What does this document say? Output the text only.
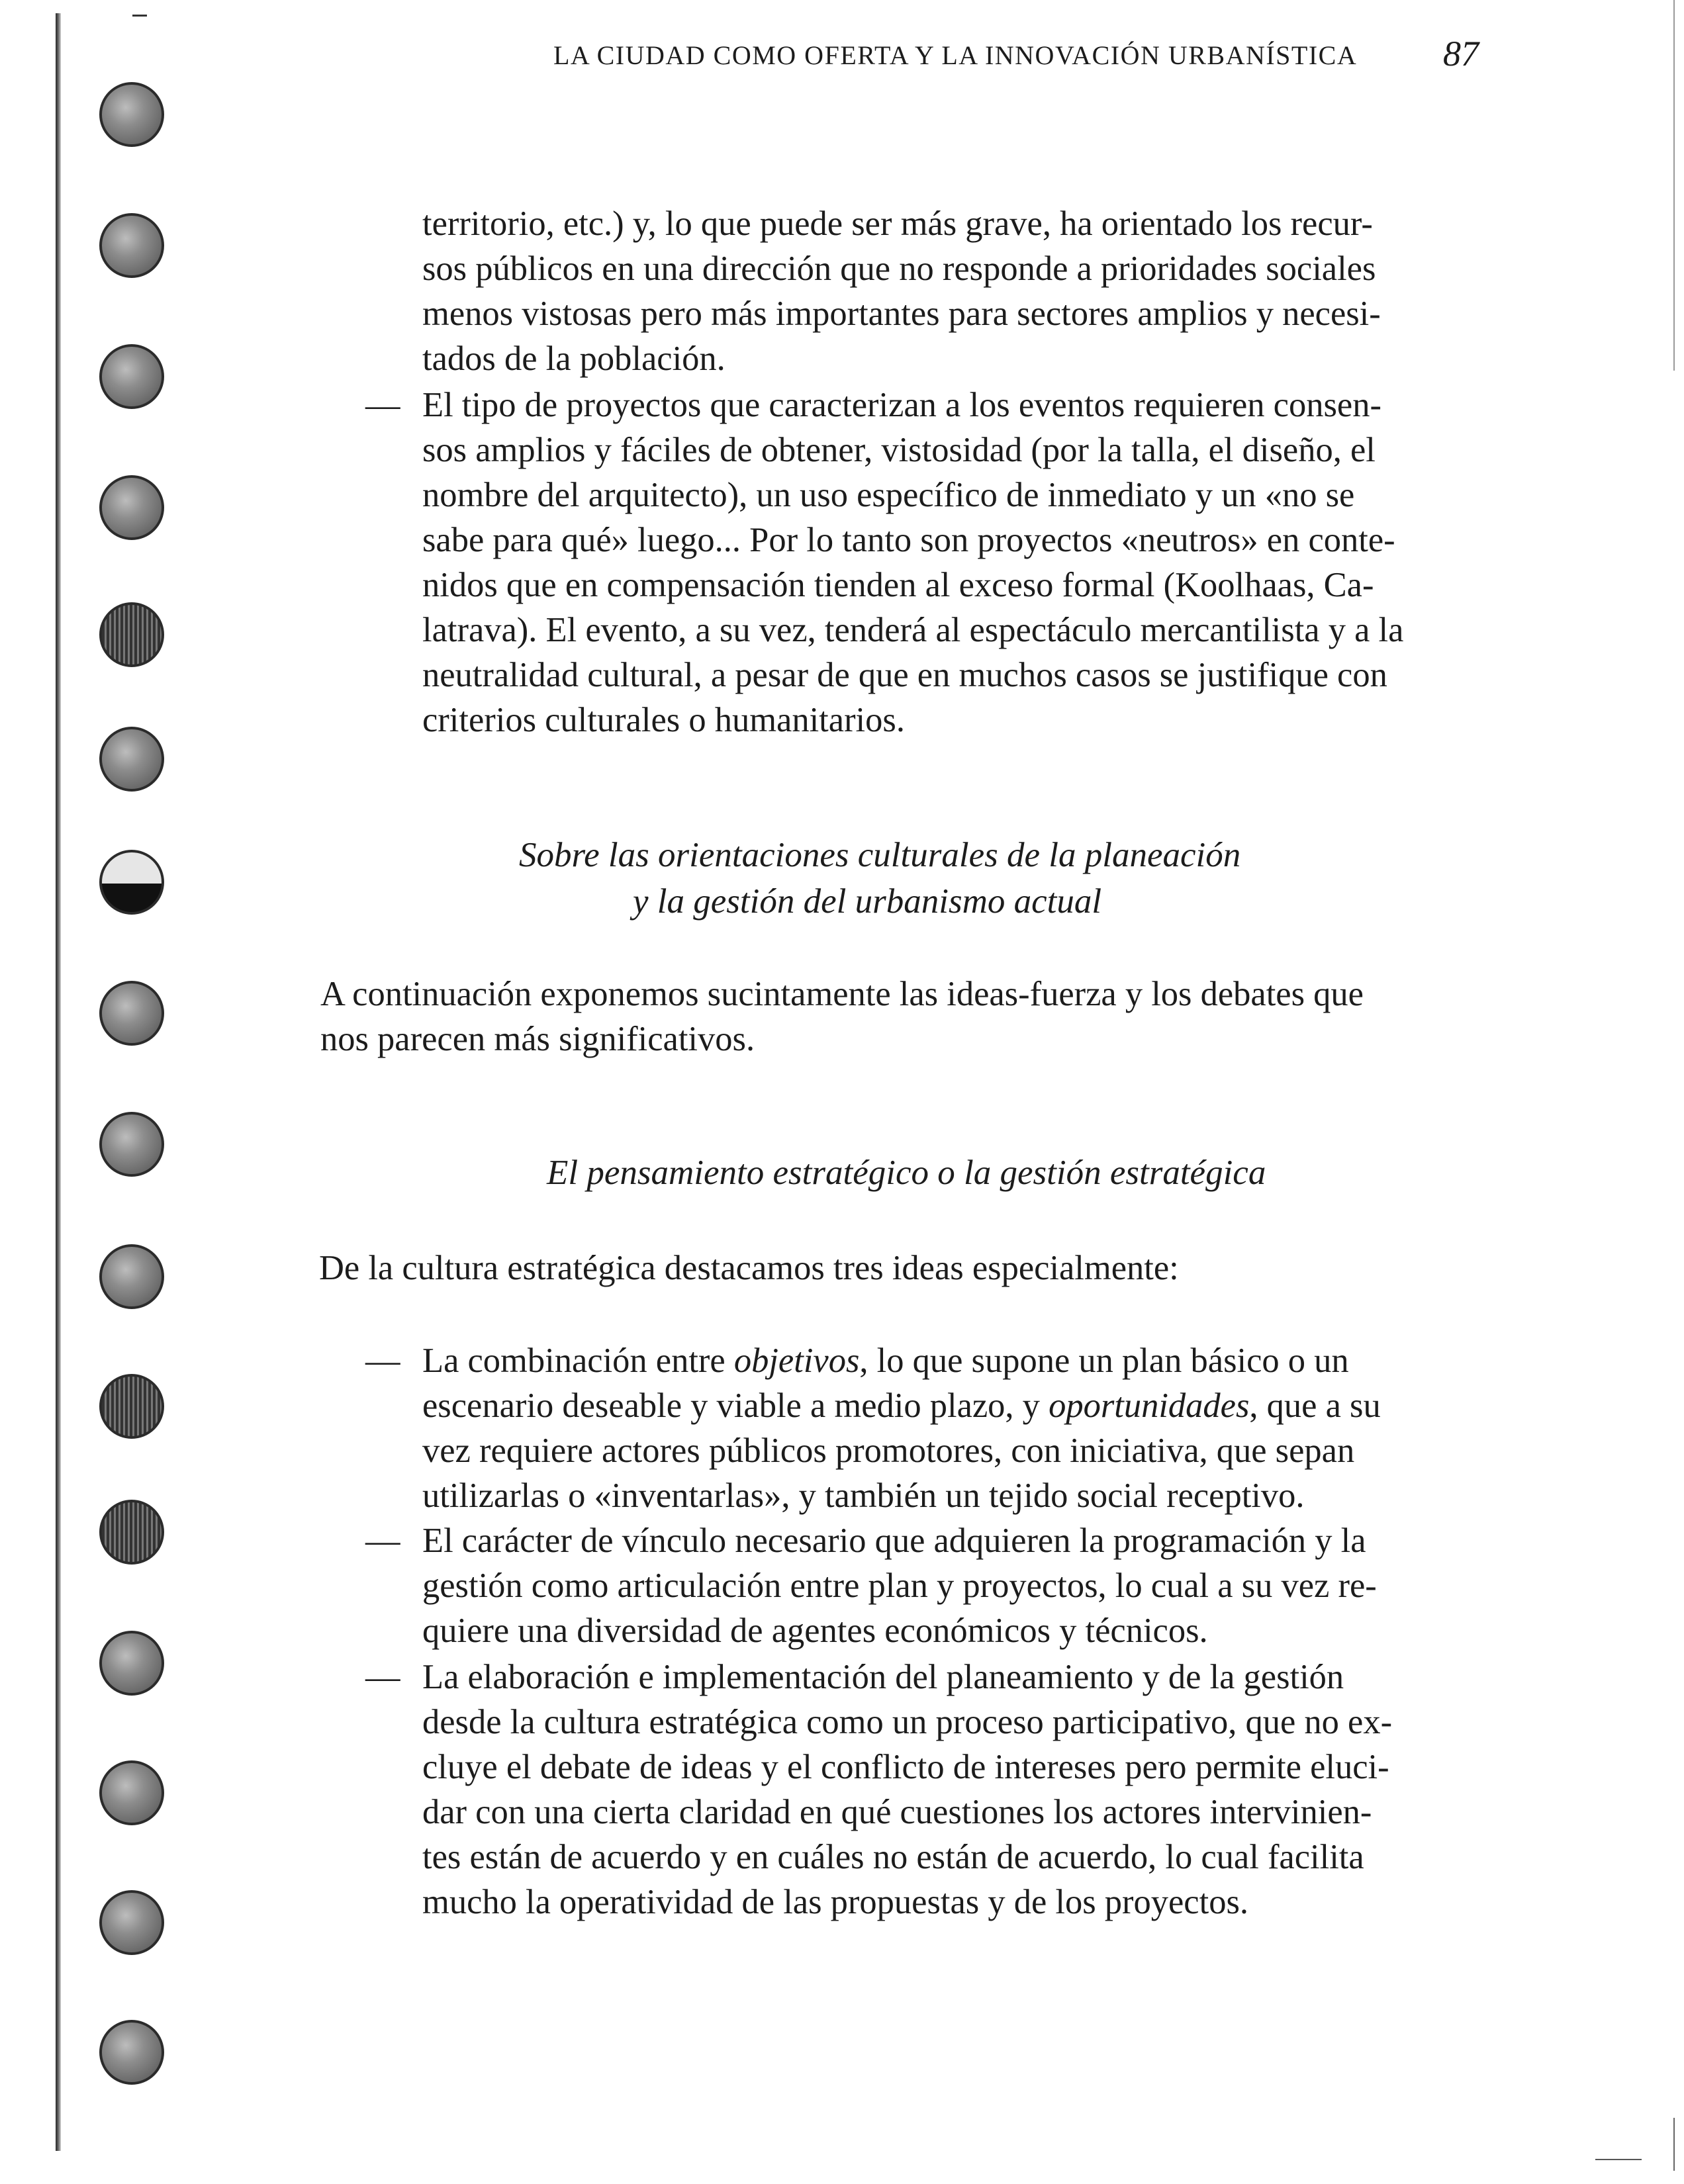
LA CIUDAD COMO OFERTA Y LA INNOVACIÓN URBANÍSTICA 87
territorio, etc.) y, lo que puede ser más grave, ha orientado los recur-
sos públicos en una dirección que no responde a prioridades sociales
menos vistosas pero más importantes para sectores amplios y necesi-
tados de la población.
— El tipo de proyectos que caracterizan a los eventos requieren consen-
sos amplios y fáciles de obtener, vistosidad (por la talla, el diseño, el
nombre del arquitecto), un uso específico de inmediato y un «no se
sabe para qué» luego... Por lo tanto son proyectos «neutros» en conte-
nidos que en compensación tienden al exceso formal (Koolhaas, Ca-
latrava). El evento, a su vez, tenderá al espectáculo mercantilista y a la
neutralidad cultural, a pesar de que en muchos casos se justifique con
criterios culturales o humanitarios.
Sobre las orientaciones culturales de la planeación
y la gestión del urbanismo actual
A continuación exponemos sucintamente las ideas-fuerza y los debates que
nos parecen más significativos.
El pensamiento estratégico o la gestión estratégica
De la cultura estratégica destacamos tres ideas especialmente:
— La combinación entre objetivos, lo que supone un plan básico o un
escenario deseable y viable a medio plazo, y oportunidades, que a su
vez requiere actores públicos promotores, con iniciativa, que sepan
utilizarlas o «inventarlas», y también un tejido social receptivo.
— El carácter de vínculo necesario que adquieren la programación y la
gestión como articulación entre plan y proyectos, lo cual a su vez re-
quiere una diversidad de agentes económicos y técnicos.
— La elaboración e implementación del planeamiento y de la gestión
desde la cultura estratégica como un proceso participativo, que no ex-
cluye el debate de ideas y el conflicto de intereses pero permite eluci-
dar con una cierta claridad en qué cuestiones los actores intervinien-
tes están de acuerdo y en cuáles no están de acuerdo, lo cual facilita
mucho la operatividad de las propuestas y de los proyectos.
